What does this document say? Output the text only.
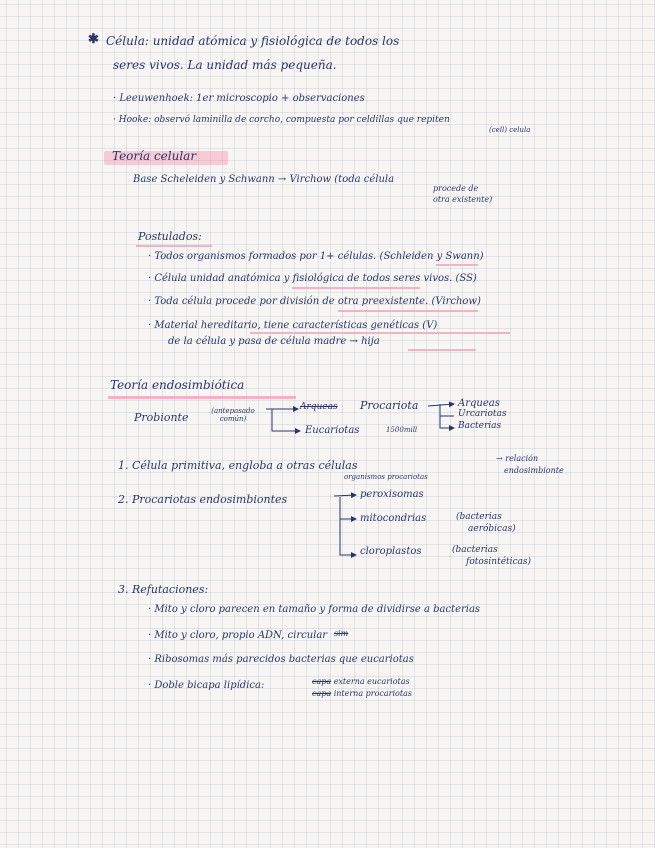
✱ Célula: unidad atómica y fisiológica de todos los
seres vivos. La unidad más pequeña.
· Leeuwenhoek: 1er microscopio + observaciones
· Hooke: observó laminilla de corcho, compuesta por celdillas que repiten
(cell) celula
Teoría celular
Base Scheleiden y Schwann → Virchow (toda célula
procede de
otra existente)
Postulados:
· Todos organismos formados por 1+ células. (Schleiden y Swann)
· Célula unidad anatómica y fisiológica de todos seres vivos. (SS)
· Toda célula procede por división de otra preexistente. (Virchow)
· Material hereditario, tiene características genéticas (V)
de la célula y pasa de célula madre → hija
Teoría endosimbiótica
Probionte	(antepasado común)
Arqueas Procariota
Eucariotas	1500mill
Arqueas
Urcariotas
Bacterias
1. Célula primitiva, engloba a otras células
organismos procariotas
→ relación
endosimbionte
2. Procariotas endosimbiontes	peroxisomas
mitocondrias	(bacterias
aeróbicas)
cloroplastos	(bacterias
fotosintéticas)
3. Refutaciones:
· Mito y cloro parecen en tamaño y forma de dividirse a bacterias
· Mito y cloro, propio ADN, circular sim
· Ribosomas más parecidos bacterias que eucariotas
· Doble bicapa lipídica:	capa externa eucariotas
capa interna procariotas
